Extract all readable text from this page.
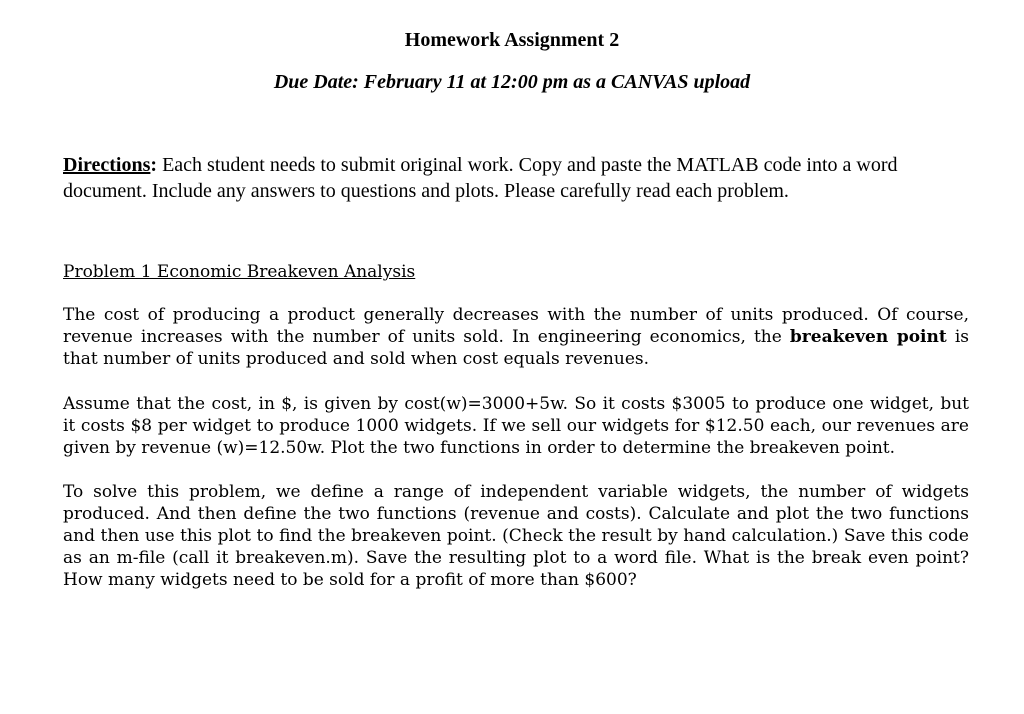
Homework Assignment 2
Due Date: February 11 at 12:00 pm as a CANVAS upload

Directions: Each student needs to submit original work. Copy and paste the MATLAB code into a word document. Include any answers to questions and plots. Please carefully read each problem.

Problem 1 Economic Breakeven Analysis

The cost of producing a product generally decreases with the number of units produced. Of course, revenue increases with the number of units sold. In engineering economics, the breakeven point is that number of units produced and sold when cost equals revenues.

Assume that the cost, in $, is given by cost(w)=3000+5w. So it costs $3005 to produce one widget, but it costs $8 per widget to produce 1000 widgets. If we sell our widgets for $12.50 each, our revenues are given by revenue (w)=12.50w. Plot the two functions in order to determine the breakeven point.

To solve this problem, we define a range of independent variable widgets, the number of widgets produced. And then define the two functions (revenue and costs). Calculate and plot the two functions and then use this plot to find the breakeven point. (Check the result by hand calculation.) Save this code as an m-file (call it breakeven.m). Save the resulting plot to a word file. What is the break even point? How many widgets need to be sold for a profit of more than $600?
